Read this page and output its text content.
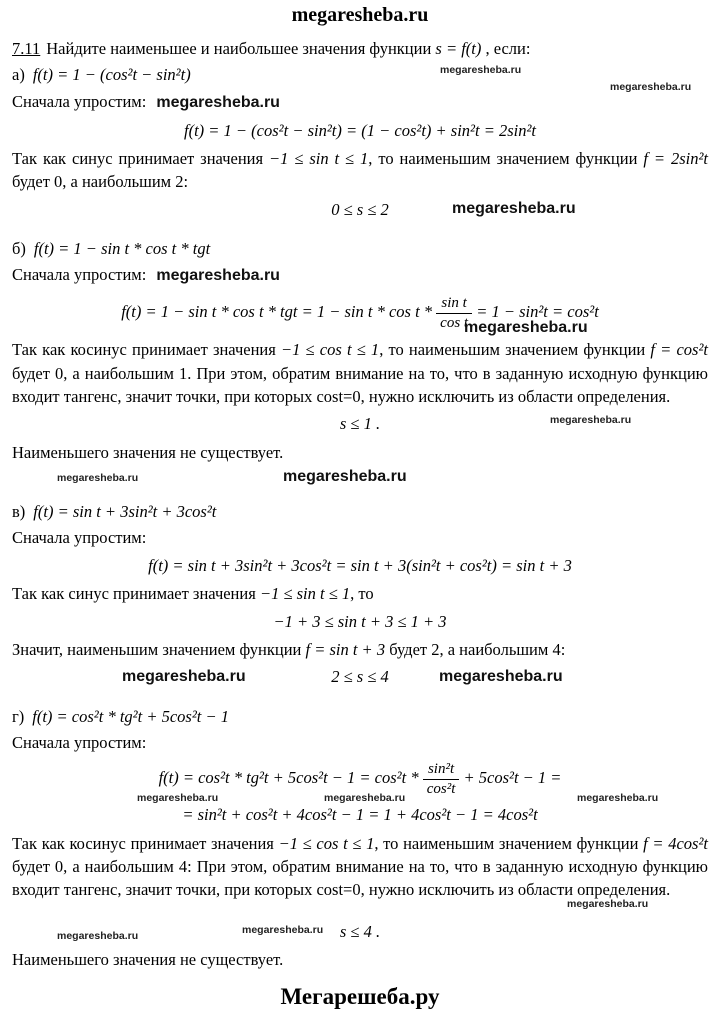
megaresheba.ru

7.11 Найдите наименьшее и наибольшее значения функции s = f(t) , если:

а) f(t) = 1 − (cos²t − sin²t)	megaresheba.ru
megaresheba.ru
Сначала упростим: megaresheba.ru
f(t) = 1 − (cos²t − sin²t) = (1 − cos²t) + sin²t = 2sin²t

Так как синус принимает значения −1 ≤ sin t ≤ 1, то наименьшим значением функции f = 2sin²t будет 0, а наибольшим 2:

0 ≤ s ≤ 2	megaresheba.ru
б) f(t) = 1 − sin t * cos t * tgt
Сначала упростим: megaresheba.ru
f(t) = 1 − sin t * cos t * tgt = $1 - \sin t * \cos t * \frac{\text{sin t}}{\text{cos t}} = 1 - \sin^2t = \cos^2t$
megaresheba.ru

Так как косинус принимает значения −1 ≤ cos t ≤ 1, то наименьшим значением функции f = cos²t будет 0, а наибольшим 1. При этом, обратим внимание на то, что в заданную исходную функцию входит тангенс, значит точки, при которых cost=0, нужно исключить из области определения.

s ≤ 1 .	megaresheba.ru

Наименьшего значения не существует.

megaresheba.ru	megaresheba.ru
в) f(t) = sin t + 3sin²t + 3cos²t
Сначала упростим:
f(t) = sin t + 3sin²t + 3cos²t = sin t + 3(sin²t + cos²t) = sin t + 3

Так как синус принимает значения −1 ≤ sin t ≤ 1, то

−1 + 3 ≤ sin t + 3 ≤ 1 + 3

Значит, наименьшим значением функции f = sin t + 3 будет 2, а наибольшим 4:

2 ≤ s ≤ 4
megaresheba.ru	megaresheba.ru
г) f(t) = cos²t * tg²t + 5cos²t − 1
Сначала упростим:
$f(t) = \cos^2t * tg^2t + 5\cos^2t - 1 = \cos^2t * \frac{\text{sin²t}}{\text{cos²t}} + 5\cos^2t - 1$ =
megaresheba.ru	megaresheba.ru	megaresheba.ru
= sin²t + cos²t + 4cos²t − 1 = 1 + 4cos²t − 1 = 4cos²t

Так как косинус принимает значения −1 ≤ cos t ≤ 1, то наименьшим значением функции f = 4cos²t будет 0, а наибольшим 4: При этом, обратим внимание на то, что в заданную исходную функцию входит тангенс, значит точки, при которых cost=0, нужно исключить из области определения.

megaresheba.ru
s ≤ 4 .
megaresheba.ru	megaresheba.ru

Наименьшего значения не существует.

Мегарешеба.ру
